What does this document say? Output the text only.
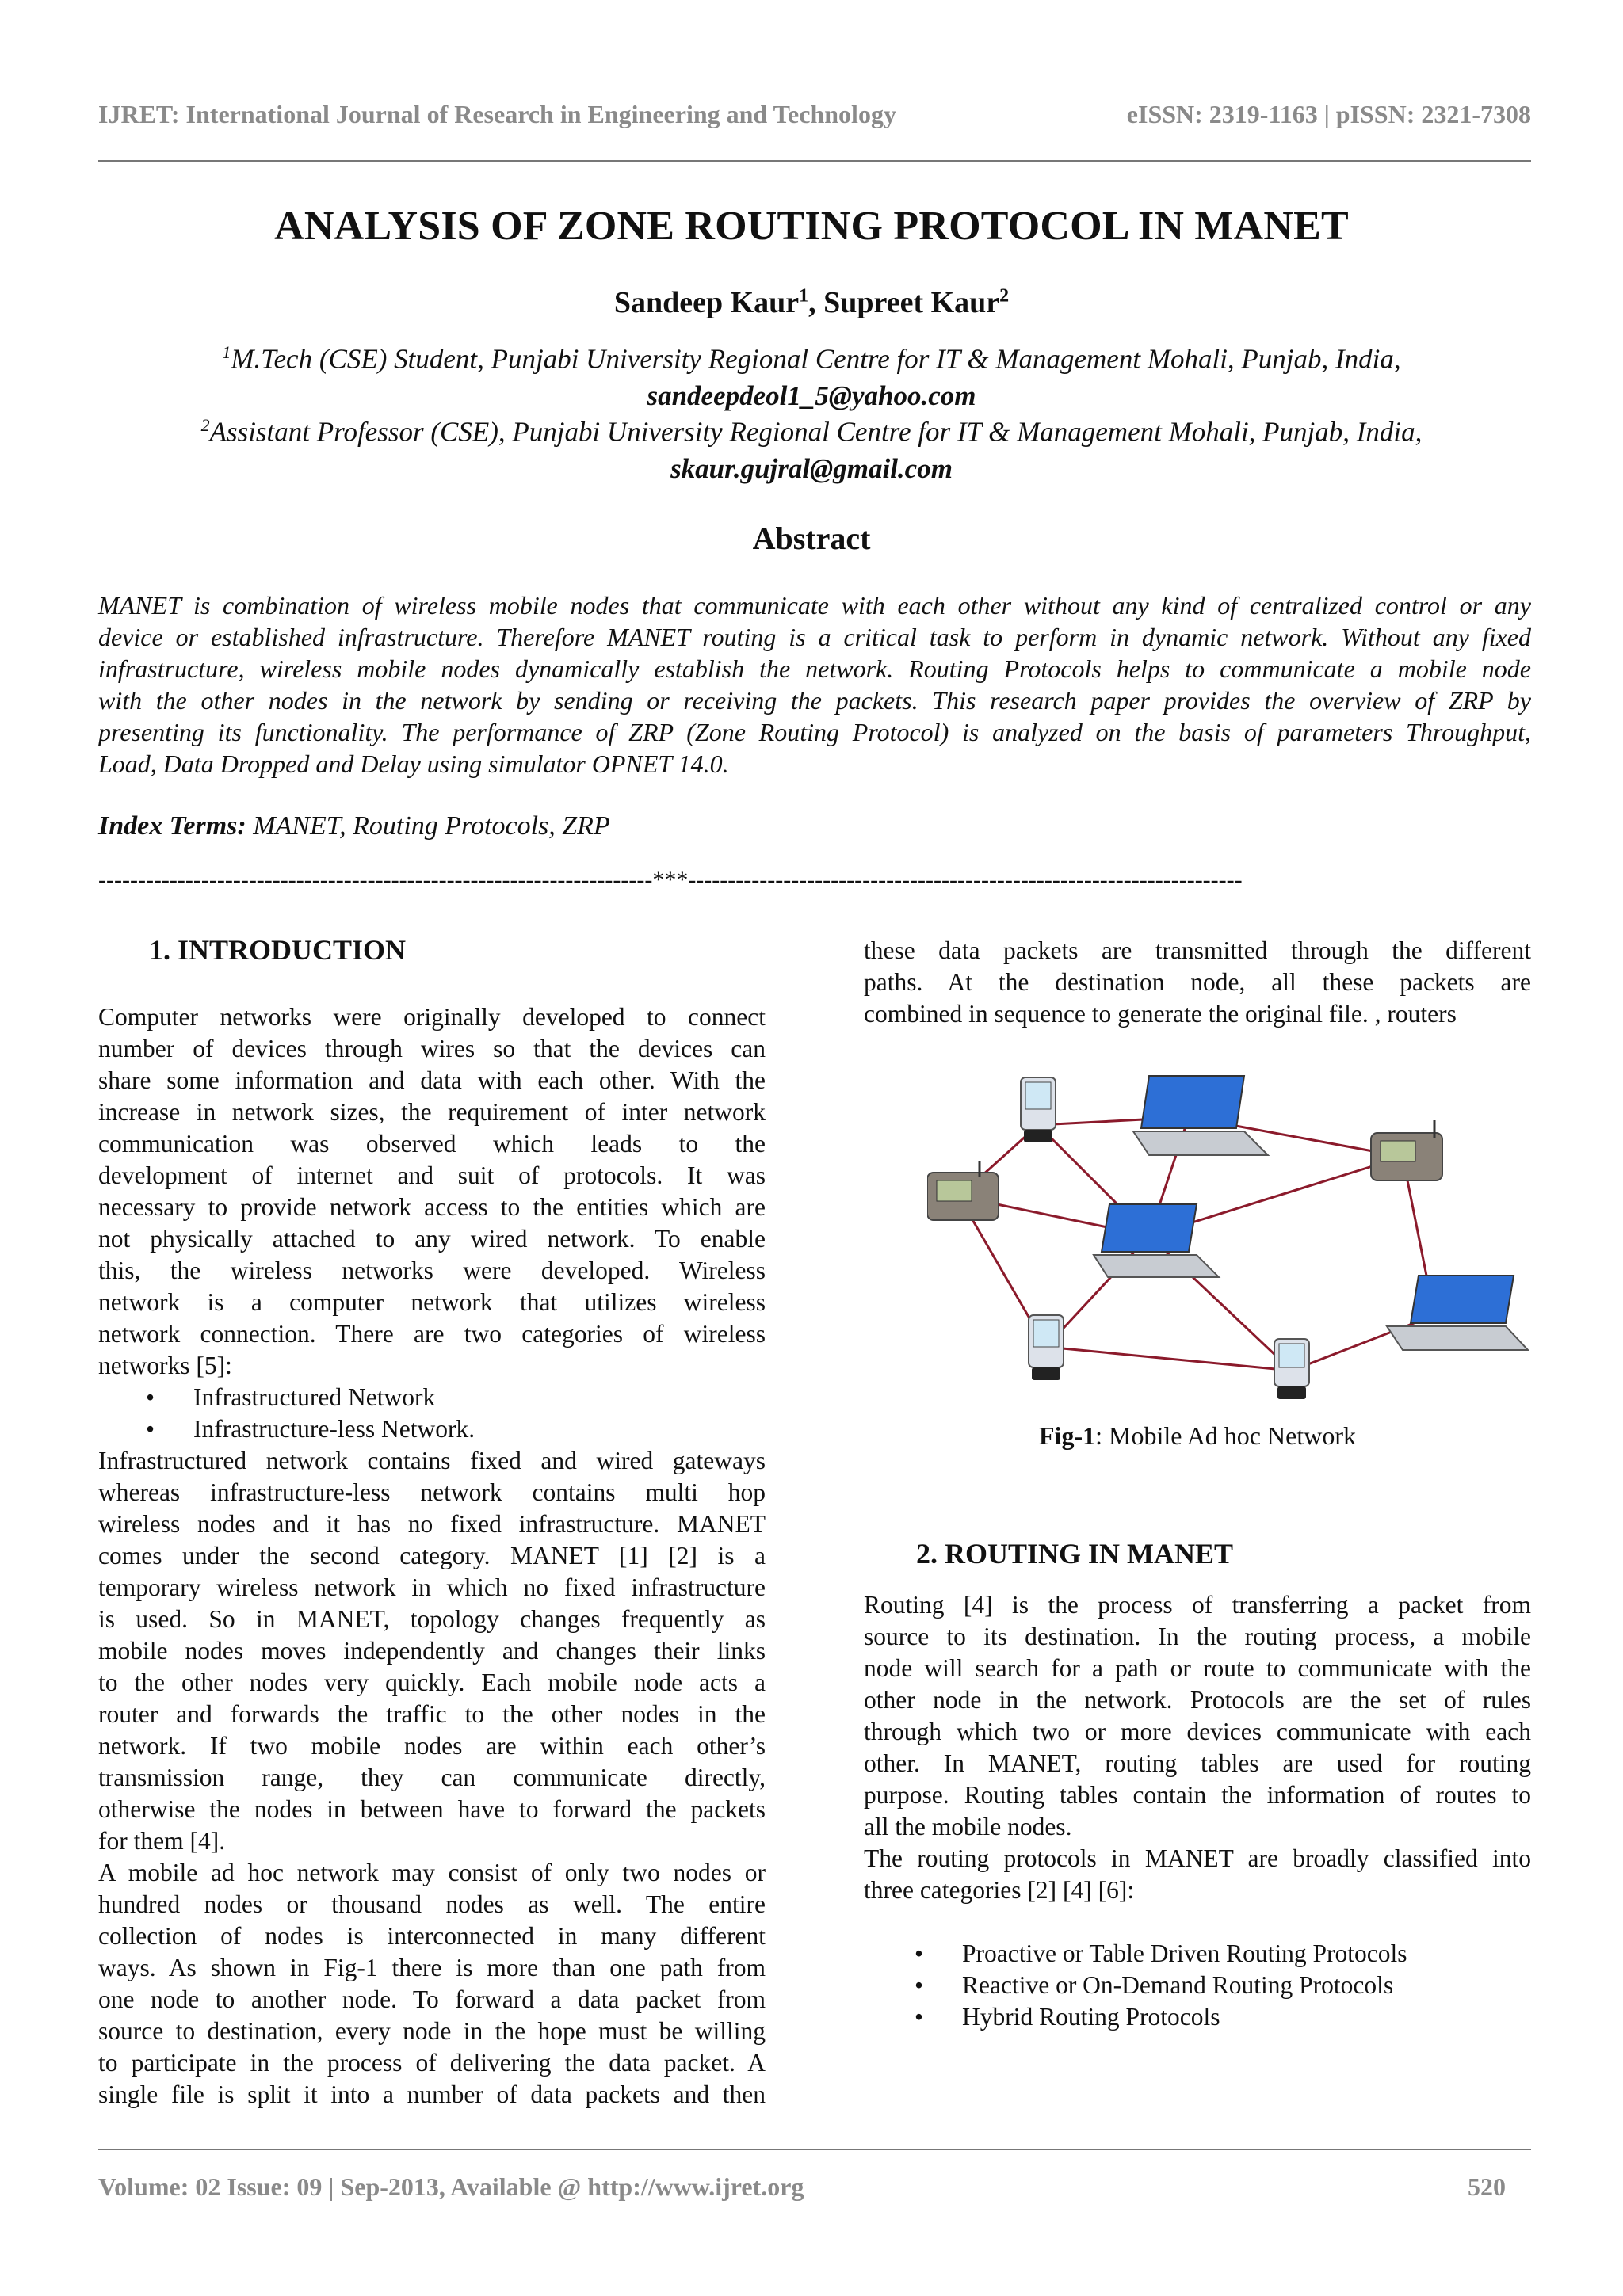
IJRET: International Journal of Research in Engineering and Technology	eISSN: 2319-1163 | pISSN: 2321-7308
ANALYSIS OF ZONE ROUTING PROTOCOL IN MANET
Sandeep Kaur$^1$, Supreet Kaur$^2$
$^1$M.Tech (CSE) Student, Punjabi University Regional Centre for IT & Management Mohali, Punjab, India,
sandeepdeol1_5@yahoo.com
$^2$Assistant Professor (CSE), Punjabi University Regional Centre for IT & Management Mohali, Punjab, India,
skaur.gujral@gmail.com
Abstract
MANET is combination of wireless mobile nodes that communicate with each other without any kind of centralized control or any
device or established infrastructure. Therefore MANET routing is a critical task to perform in dynamic network. Without any fixed
infrastructure, wireless mobile nodes dynamically establish the network. Routing Protocols helps to communicate a mobile node
with the other nodes in the network by sending or receiving the packets. This research paper provides the overview of ZRP by
presenting its functionality. The performance of ZRP (Zone Routing Protocol) is analyzed on the basis of parameters Throughput,
Load, Data Dropped and Delay using simulator OPNET 14.0.
Index Terms: MANET, Routing Protocols, ZRP
----------------------------------------------------------------------***----------------------------------------------------------------------
1. INTRODUCTION
Computer networks were originally developed to connect
number of devices through wires so that the devices can
share some information and data with each other. With the
increase in network sizes, the requirement of inter network
communication was observed which leads to the
development of internet and suit of protocols. It was
necessary to provide network access to the entities which are
not physically attached to any wired network. To enable
this, the wireless networks were developed. Wireless
network is a computer network that utilizes wireless
network connection. There are two categories of wireless
networks [5]:
• Infrastructured Network
• Infrastructure-less Network.
Infrastructured network contains fixed and wired gateways
whereas infrastructure-less network contains multi hop
wireless nodes and it has no fixed infrastructure. MANET
comes under the second category. MANET [1] [2] is a
temporary wireless network in which no fixed infrastructure
is used. So in MANET, topology changes frequently as
mobile nodes moves independently and changes their links
to the other nodes very quickly. Each mobile node acts a
router and forwards the traffic to the other nodes in the
network. If two mobile nodes are within each other’s
transmission range, they can communicate directly,
otherwise the nodes in between have to forward the packets
for them [4].
A mobile ad hoc network may consist of only two nodes or
hundred nodes or thousand nodes as well. The entire
collection of nodes is interconnected in many different
ways. As shown in Fig-1 there is more than one path from
one node to another node. To forward a data packet from
source to destination, every node in the hope must be willing
to participate in the process of delivering the data packet. A
single file is split it into a number of data packets and then
these data packets are transmitted through the different
paths. At the destination node, all these packets are
combined in sequence to generate the original file. , routers
Fig-1: Mobile Ad hoc Network
2. ROUTING IN MANET
Routing [4] is the process of transferring a packet from
source to its destination. In the routing process, a mobile
node will search for a path or route to communicate with the
other node in the network. Protocols are the set of rules
through which two or more devices communicate with each
other. In MANET, routing tables are used for routing
purpose. Routing tables contain the information of routes to
all the mobile nodes.
The routing protocols in MANET are broadly classified into
three categories [2] [4] [6]:
• Proactive or Table Driven Routing Protocols
• Reactive or On-Demand Routing Protocols
• Hybrid Routing Protocols
Volume: 02 Issue: 09 | Sep-2013, Available @ http://www.ijret.org	520
